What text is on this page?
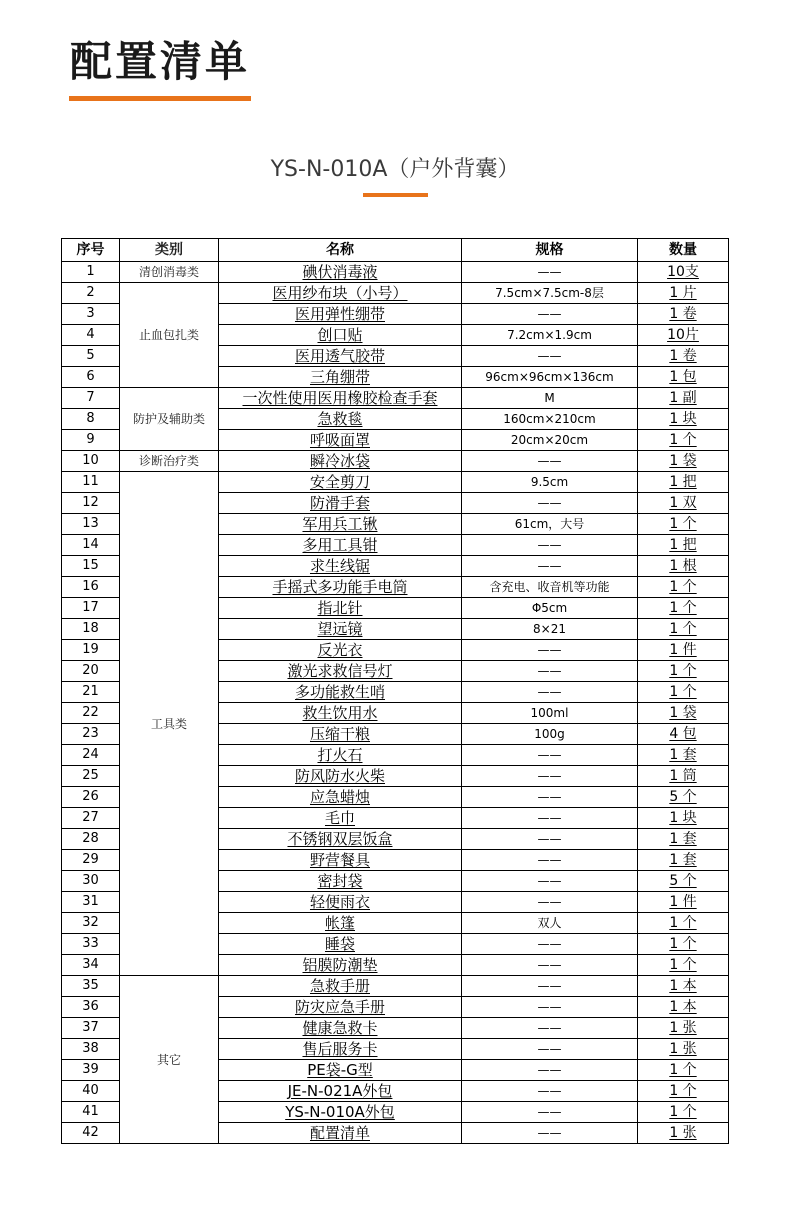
配置清单
YS-N-010A（户外背囊）
序号	类别	名称	规格	数量
1	清创消毒类	碘伏消毒液	——	10支
2	止血包扎类	医用纱布块（小号）	7.5cm×7.5cm-8层	1 片
3		医用弹性绷带	——	1 卷
4		创口贴	7.2cm×1.9cm	10片
5		医用透气胶带	——	1 卷
6		三角绷带	96cm×96cm×136cm	1 包
7	防护及辅助类	一次性使用医用橡胶检查手套	M	1 副
8		急救毯	160cm×210cm	1 块
9		呼吸面罩	20cm×20cm	1 个
10	诊断治疗类	瞬冷冰袋	——	1 袋
11	工具类	安全剪刀	9.5cm	1 把
12		防滑手套	——	1 双
13		军用兵工锹	61cm，大号	1 个
14		多用工具钳	——	1 把
15		求生线锯	——	1 根
16		手摇式多功能手电筒	含充电、收音机等功能	1 个
17		指北针	Φ5cm	1 个
18		望远镜	8×21	1 个
19		反光衣	——	1 件
20		激光求救信号灯	——	1 个
21		多功能救生哨	——	1 个
22		救生饮用水	100ml	1 袋
23		压缩干粮	100g	4 包
24		打火石	——	1 套
25		防风防水火柴	——	1 筒
26		应急蜡烛	——	5 个
27		毛巾	——	1 块
28		不锈钢双层饭盒	——	1 套
29		野营餐具	——	1 套
30		密封袋	——	5 个
31		轻便雨衣	——	1 件
32		帐篷	双人	1 个
33		睡袋	——	1 个
34		铝膜防潮垫	——	1 个
35	其它	急救手册	——	1 本
36		防灾应急手册	——	1 本
37		健康急救卡	——	1 张
38		售后服务卡	——	1 张
39		PE袋-G型	——	1 个
40		JE-N-021A外包	——	1 个
41		YS-N-010A外包	——	1 个
42		配置清单	——	1 张
